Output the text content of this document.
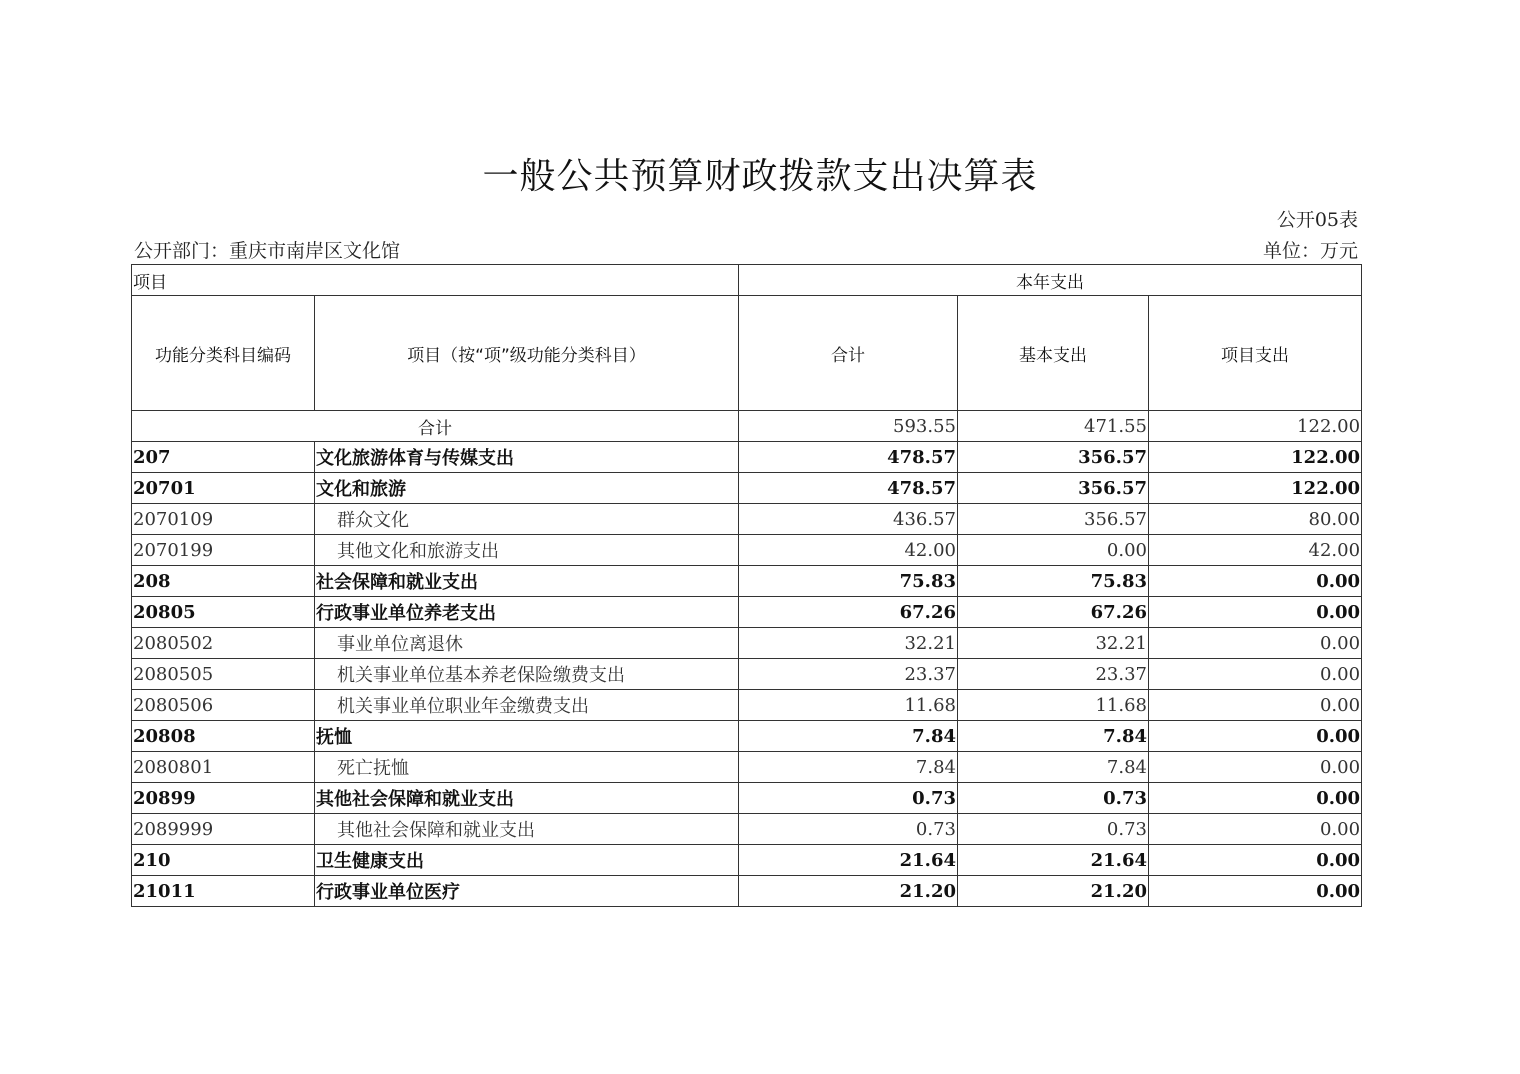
一般公共预算财政拨款支出决算表
公开05表
公开部门：重庆市南岸区文化馆	单位：万元
项目		本年支出		
功能分类科目编码	项目（按“项”级功能分类科目）	合计	基本支出	项目支出
合计		593.55	471.55	122.00
207	文化旅游体育与传媒支出	478.57	356.57	122.00
20701	文化和旅游	478.57	356.57	122.00
2070109	群众文化	436.57	356.57	80.00
2070199	其他文化和旅游支出	42.00	0.00	42.00
208	社会保障和就业支出	75.83	75.83	0.00
20805	行政事业单位养老支出	67.26	67.26	0.00
2080502	事业单位离退休	32.21	32.21	0.00
2080505	机关事业单位基本养老保险缴费支出	23.37	23.37	0.00
2080506	机关事业单位职业年金缴费支出	11.68	11.68	0.00
20808	抚恤	7.84	7.84	0.00
2080801	死亡抚恤	7.84	7.84	0.00
20899	其他社会保障和就业支出	0.73	0.73	0.00
2089999	其他社会保障和就业支出	0.73	0.73	0.00
210	卫生健康支出	21.64	21.64	0.00
21011	行政事业单位医疗	21.20	21.20	0.00
